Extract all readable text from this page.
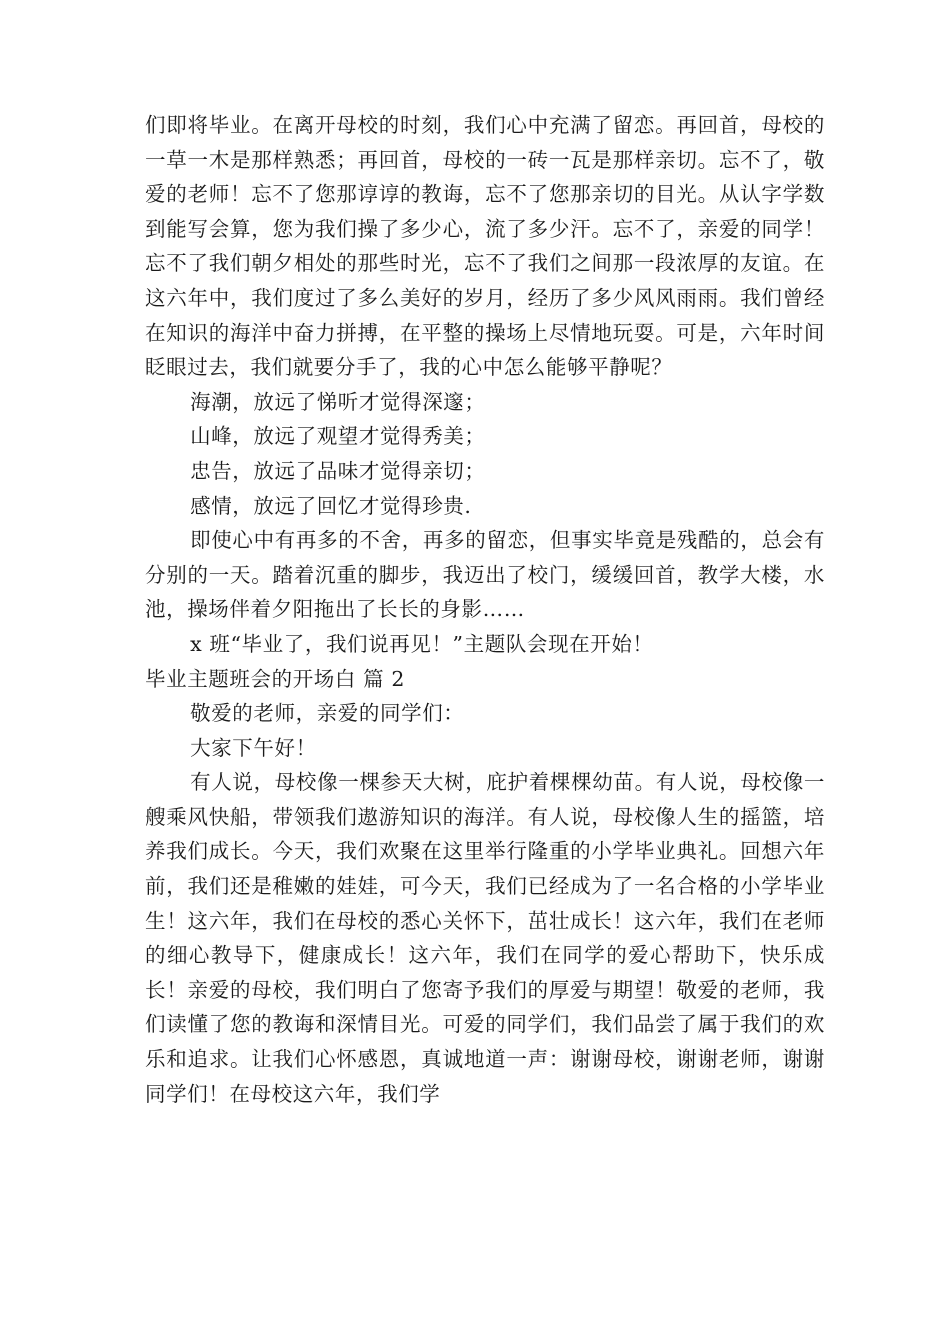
们即将毕业。在离开母校的时刻，我们心中充满了留恋。再回首，母校的一草一木是那样熟悉；再回首，母校的一砖一瓦是那样亲切。忘不了，敬爱的老师！忘不了您那谆谆的教诲，忘不了您那亲切的目光。从认字学数到能写会算，您为我们操了多少心，流了多少汗。忘不了，亲爱的同学！忘不了我们朝夕相处的那些时光，忘不了我们之间那一段浓厚的友谊。在这六年中，我们度过了多么美好的岁月，经历了多少风风雨雨。我们曾经在知识的海洋中奋力拼搏，在平整的操场上尽情地玩耍。可是，六年时间眨眼过去，我们就要分手了，我的心中怎么能够平静呢？

海潮，放远了悌听才觉得深邃；

山峰，放远了观望才觉得秀美；

忠告，放远了品味才觉得亲切；

感情，放远了回忆才觉得珍贵.

即使心中有再多的不舍，再多的留恋，但事实毕竟是残酷的，总会有分别的一天。踏着沉重的脚步，我迈出了校门，缓缓回首，教学大楼，水池，操场伴着夕阳拖出了长长的身影……

x 班“毕业了，我们说再见！”主题队会现在开始！

毕业主题班会的开场白 篇 2

敬爱的老师，亲爱的同学们：

大家下午好！

有人说，母校像一棵参天大树，庇护着棵棵幼苗。有人说，母校像一艘乘风快船，带领我们遨游知识的海洋。有人说，母校像人生的摇篮，培养我们成长。今天，我们欢聚在这里举行隆重的小学毕业典礼。回想六年前，我们还是稚嫩的娃娃，可今天，我们已经成为了一名合格的小学毕业生！这六年，我们在母校的悉心关怀下，茁壮成长！这六年，我们在老师的细心教导下，健康成长！这六年，我们在同学的爱心帮助下，快乐成长！亲爱的母校，我们明白了您寄予我们的厚爱与期望！敬爱的老师，我们读懂了您的教诲和深情目光。可爱的同学们，我们品尝了属于我们的欢乐和追求。让我们心怀感恩，真诚地道一声：谢谢母校，谢谢老师，谢谢同学们！在母校这六年，我们学
